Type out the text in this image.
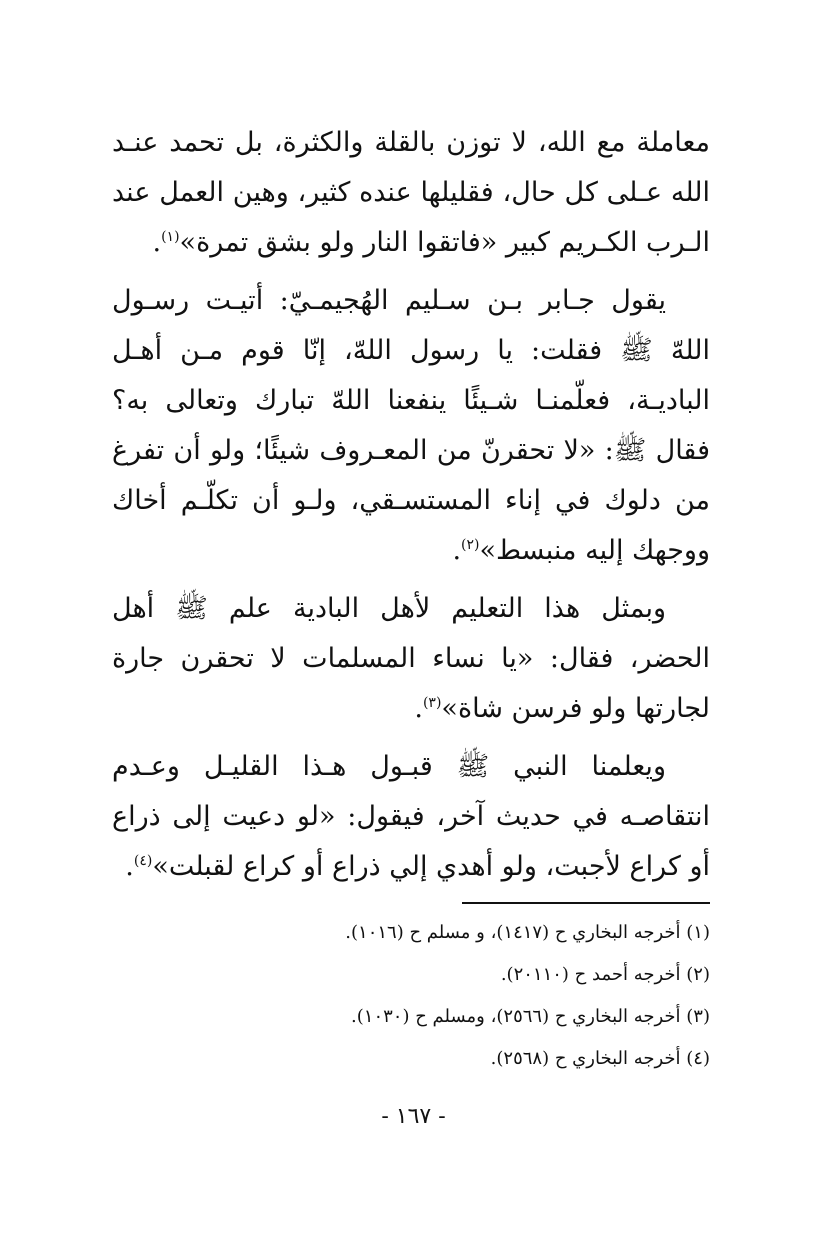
معاملة مع الله، لا توزن بالقلة والكثرة، بل تحمد عنـد الله عـلى كل حال، فقليلها عنده كثير، وهين العمل عند الـرب الكـريم كبير «فاتقوا النار ولو بشق تمرة»$^{(١)}$.

يقول جـابر بـن سـليم الهُجيمـيّ: أتيـت رسـول اللهّ ﷺ فقلت: يا رسول اللهّ، إنّا قوم مـن أهـل الباديـة، فعلّمنـا شـيئًا ينفعنا اللهّ تبارك وتعالى به؟ فقال ﷺ: «لا تحقرنّ من المعـروف شيئًا؛ ولو أن تفرغ من دلوك في إناء المستسـقي، ولـو أن تكلّـم أخاك ووجهك إليه منبسط»$^{(٢)}$.

وبمثل هذا التعليم لأهل البادية علم ﷺ أهل الحضر، فقال: «يا نساء المسلمات لا تحقرن جارة لجارتها ولو فرسن شاة»$^{(٣)}$.

ويعلمنا النبي ﷺ قبـول هـذا القليـل وعـدم انتقاصـه في حديث آخر، فيقول: «لو دعيت إلى ذراع أو كراع لأجبت، ولو أهدي إلي ذراع أو كراع لقبلت»$^{(٤)}$.

(١) أخرجه البخاري ح (١٤١٧)، و مسلم ح (١٠١٦).

(٢) أخرجه أحمد ح (٢٠١١٠).

(٣) أخرجه البخاري ح (٢٥٦٦)، ومسلم ح (١٠٣٠).

(٤) أخرجه البخاري ح (٢٥٦٨).

- ١٦٧ -
